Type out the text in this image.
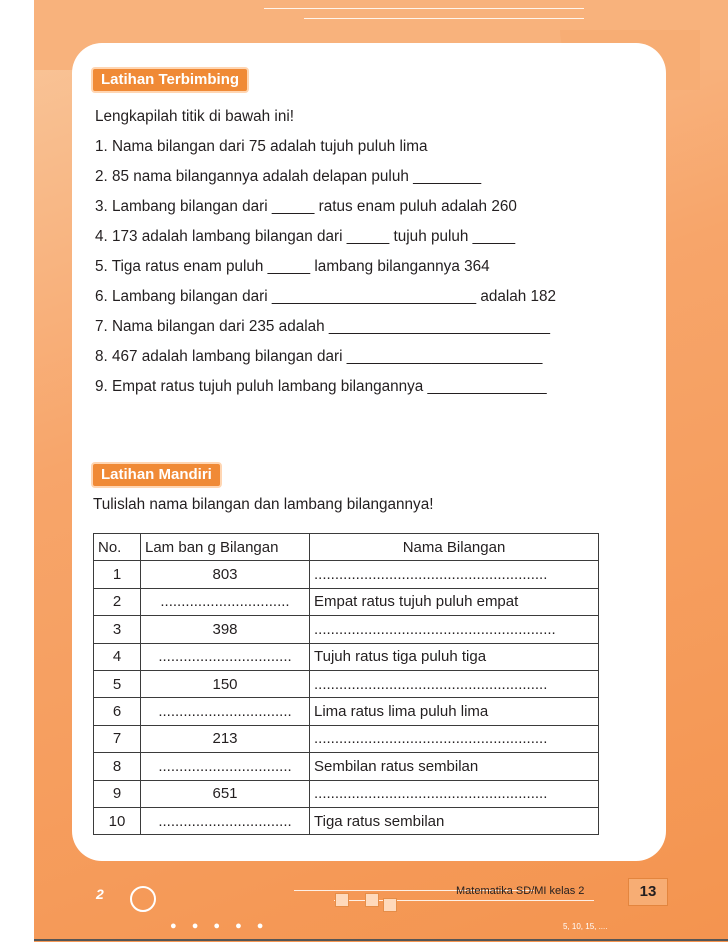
Latihan Terbimbing
Lengkapilah titik di bawah ini!
1. Nama bilangan dari 75 adalah tujuh puluh lima
2. 85 nama bilangannya adalah delapan puluh ________
3. Lambang bilangan dari _____ ratus enam puluh adalah 260
4. 173 adalah lambang bilangan dari _____ tujuh puluh _____
5. Tiga ratus enam puluh _____ lambang bilangannya 364
6. Lambang bilangan dari ________________________ adalah 182
7. Nama bilangan dari 235 adalah __________________________
8. 467 adalah lambang bilangan dari _______________________
9. Empat ratus tujuh puluh lambang bilangannya ______________
Latihan Mandiri
Tulislah nama bilangan dan lambang bilangannya!
No.	Lam ban g Bilangan	Nama Bilangan
1	803	........................................................
2	...............................	Empat ratus tujuh puluh empat
3	398	..........................................................
4	................................	Tujuh ratus tiga puluh tiga
5	150	........................................................
6	................................	Lima ratus lima puluh lima
7	213	........................................................
8	................................	Sembilan ratus sembilan
9	651	........................................................
10	................................	Tiga ratus sembilan
2	Matematika SD/MI kelas 2	13
● ● ● ● ●	5, 10, 15, ....
